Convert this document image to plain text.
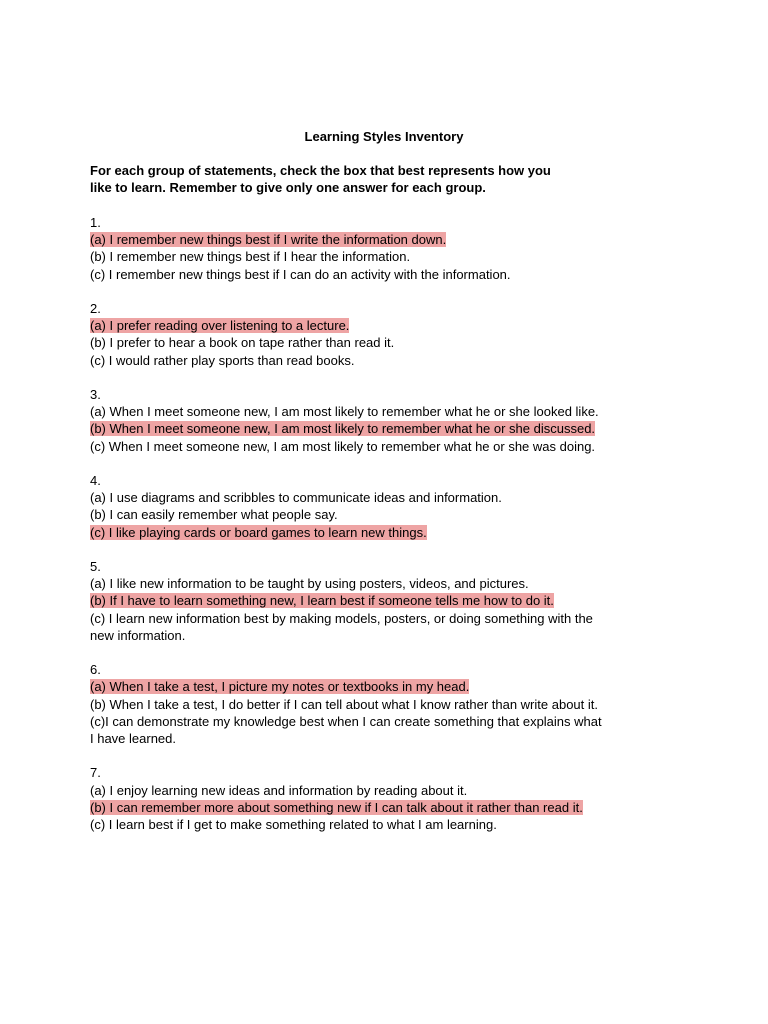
Learning Styles Inventory
For each group of statements, check the box that best represents how you
like to learn. Remember to give only one answer for each group.
1.
(a) I remember new things best if I write the information down.
(b) I remember new things best if I hear the information.
(c) I remember new things best if I can do an activity with the information.
2.
(a) I prefer reading over listening to a lecture.
(b) I prefer to hear a book on tape rather than read it.
(c) I would rather play sports than read books.
3.
(a) When I meet someone new, I am most likely to remember what he or she looked like.
(b) When I meet someone new, I am most likely to remember what he or she discussed.
(c) When I meet someone new, I am most likely to remember what he or she was doing.
4.
(a) I use diagrams and scribbles to communicate ideas and information.
(b) I can easily remember what people say.
(c) I like playing cards or board games to learn new things.
5.
(a) I like new information to be taught by using posters, videos, and pictures.
(b) If I have to learn something new, I learn best if someone tells me how to do it.
(c) I learn new information best by making models, posters, or doing something with the
new information.
6.
(a) When I take a test, I picture my notes or textbooks in my head.
(b) When I take a test, I do better if I can tell about what I know rather than write about it.
(c)I can demonstrate my knowledge best when I can create something that explains what
I have learned.
7.
(a) I enjoy learning new ideas and information by reading about it.
(b) I can remember more about something new if I can talk about it rather than read it.
(c) I learn best if I get to make something related to what I am learning.
